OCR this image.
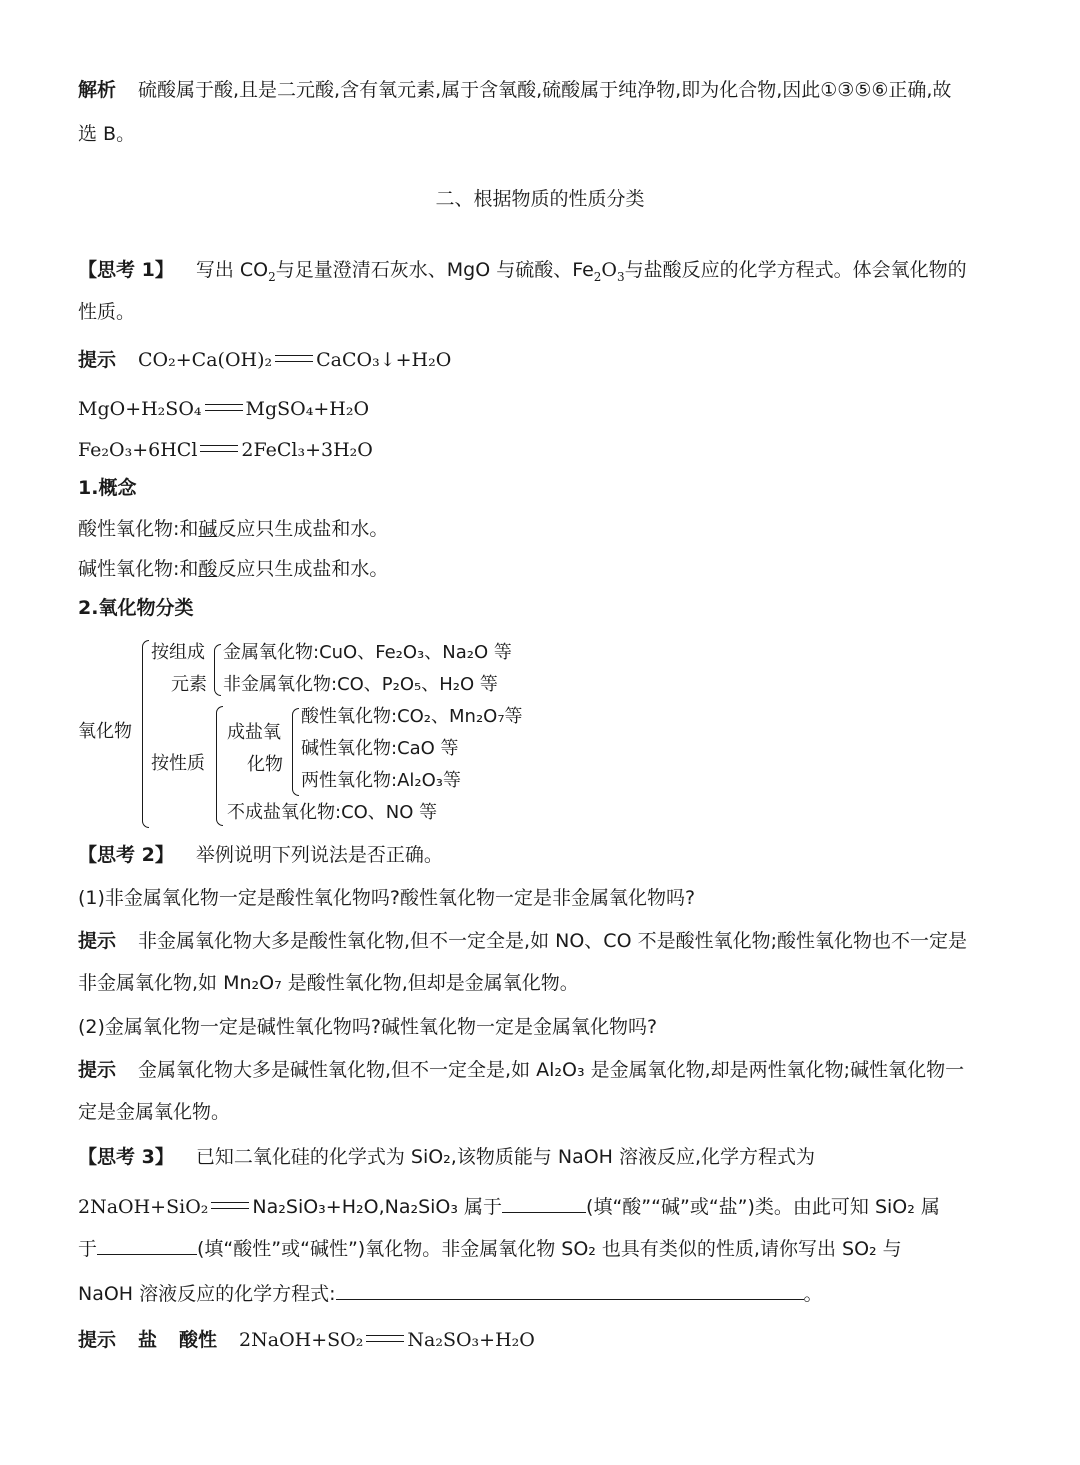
解析 硫酸属于酸,且是二元酸,含有氧元素,属于含氧酸,硫酸属于纯净物,即为化合物,因此①③⑤⑥正确,故
选 B。
二、根据物质的性质分类
【思考 1】 写出 $CO_2$与足量澄清石灰水、MgO 与硫酸、$Fe_2O_3$与盐酸反应的化学方程式。体会氧化物的
性质。
提示 CO₂+Ca(OH)₂ CaCO₃↓+H₂O
MgO+H₂SO₄ MgSO₄+H₂O
Fe₂O₃+6HCl 2FeCl₃+3H₂O
1.概念
酸性氧化物:和碱反应只生成盐和水。
碱性氧化物:和酸反应只生成盐和水。
2.氧化物分类
氧化物
按组成
元素
金属氧化物:CuO、Fe₂O₃、Na₂O 等
非金属氧化物:CO、P₂O₅、H₂O 等
按性质
成盐氧
化物
酸性氧化物:CO₂、Mn₂O₇等
碱性氧化物:CaO 等
两性氧化物:Al₂O₃等
不成盐氧化物:CO、NO 等
【思考 2】 举例说明下列说法是否正确。
(1)非金属氧化物一定是酸性氧化物吗?酸性氧化物一定是非金属氧化物吗?
提示 非金属氧化物大多是酸性氧化物,但不一定全是,如 NO、CO 不是酸性氧化物;酸性氧化物也不一定是
非金属氧化物,如 Mn₂O₇ 是酸性氧化物,但却是金属氧化物。
(2)金属氧化物一定是碱性氧化物吗?碱性氧化物一定是金属氧化物吗?
提示 金属氧化物大多是碱性氧化物,但不一定全是,如 Al₂O₃ 是金属氧化物,却是两性氧化物;碱性氧化物一
定是金属氧化物。
【思考 3】 已知二氧化硅的化学式为 SiO₂,该物质能与 NaOH 溶液反应,化学方程式为
2NaOH+SiO₂ Na₂SiO₃+H₂O,Na₂SiO₃ 属于	(填“酸”“碱”或“盐”)类。由此可知 SiO₂ 属
于	(填“酸性”或“碱性”)氧化物。非金属氧化物 SO₂ 也具有类似的性质,请你写出 SO₂ 与
NaOH 溶液反应的化学方程式:	。
提示 盐 酸性 2NaOH+SO₂ Na₂SO₃+H₂O
